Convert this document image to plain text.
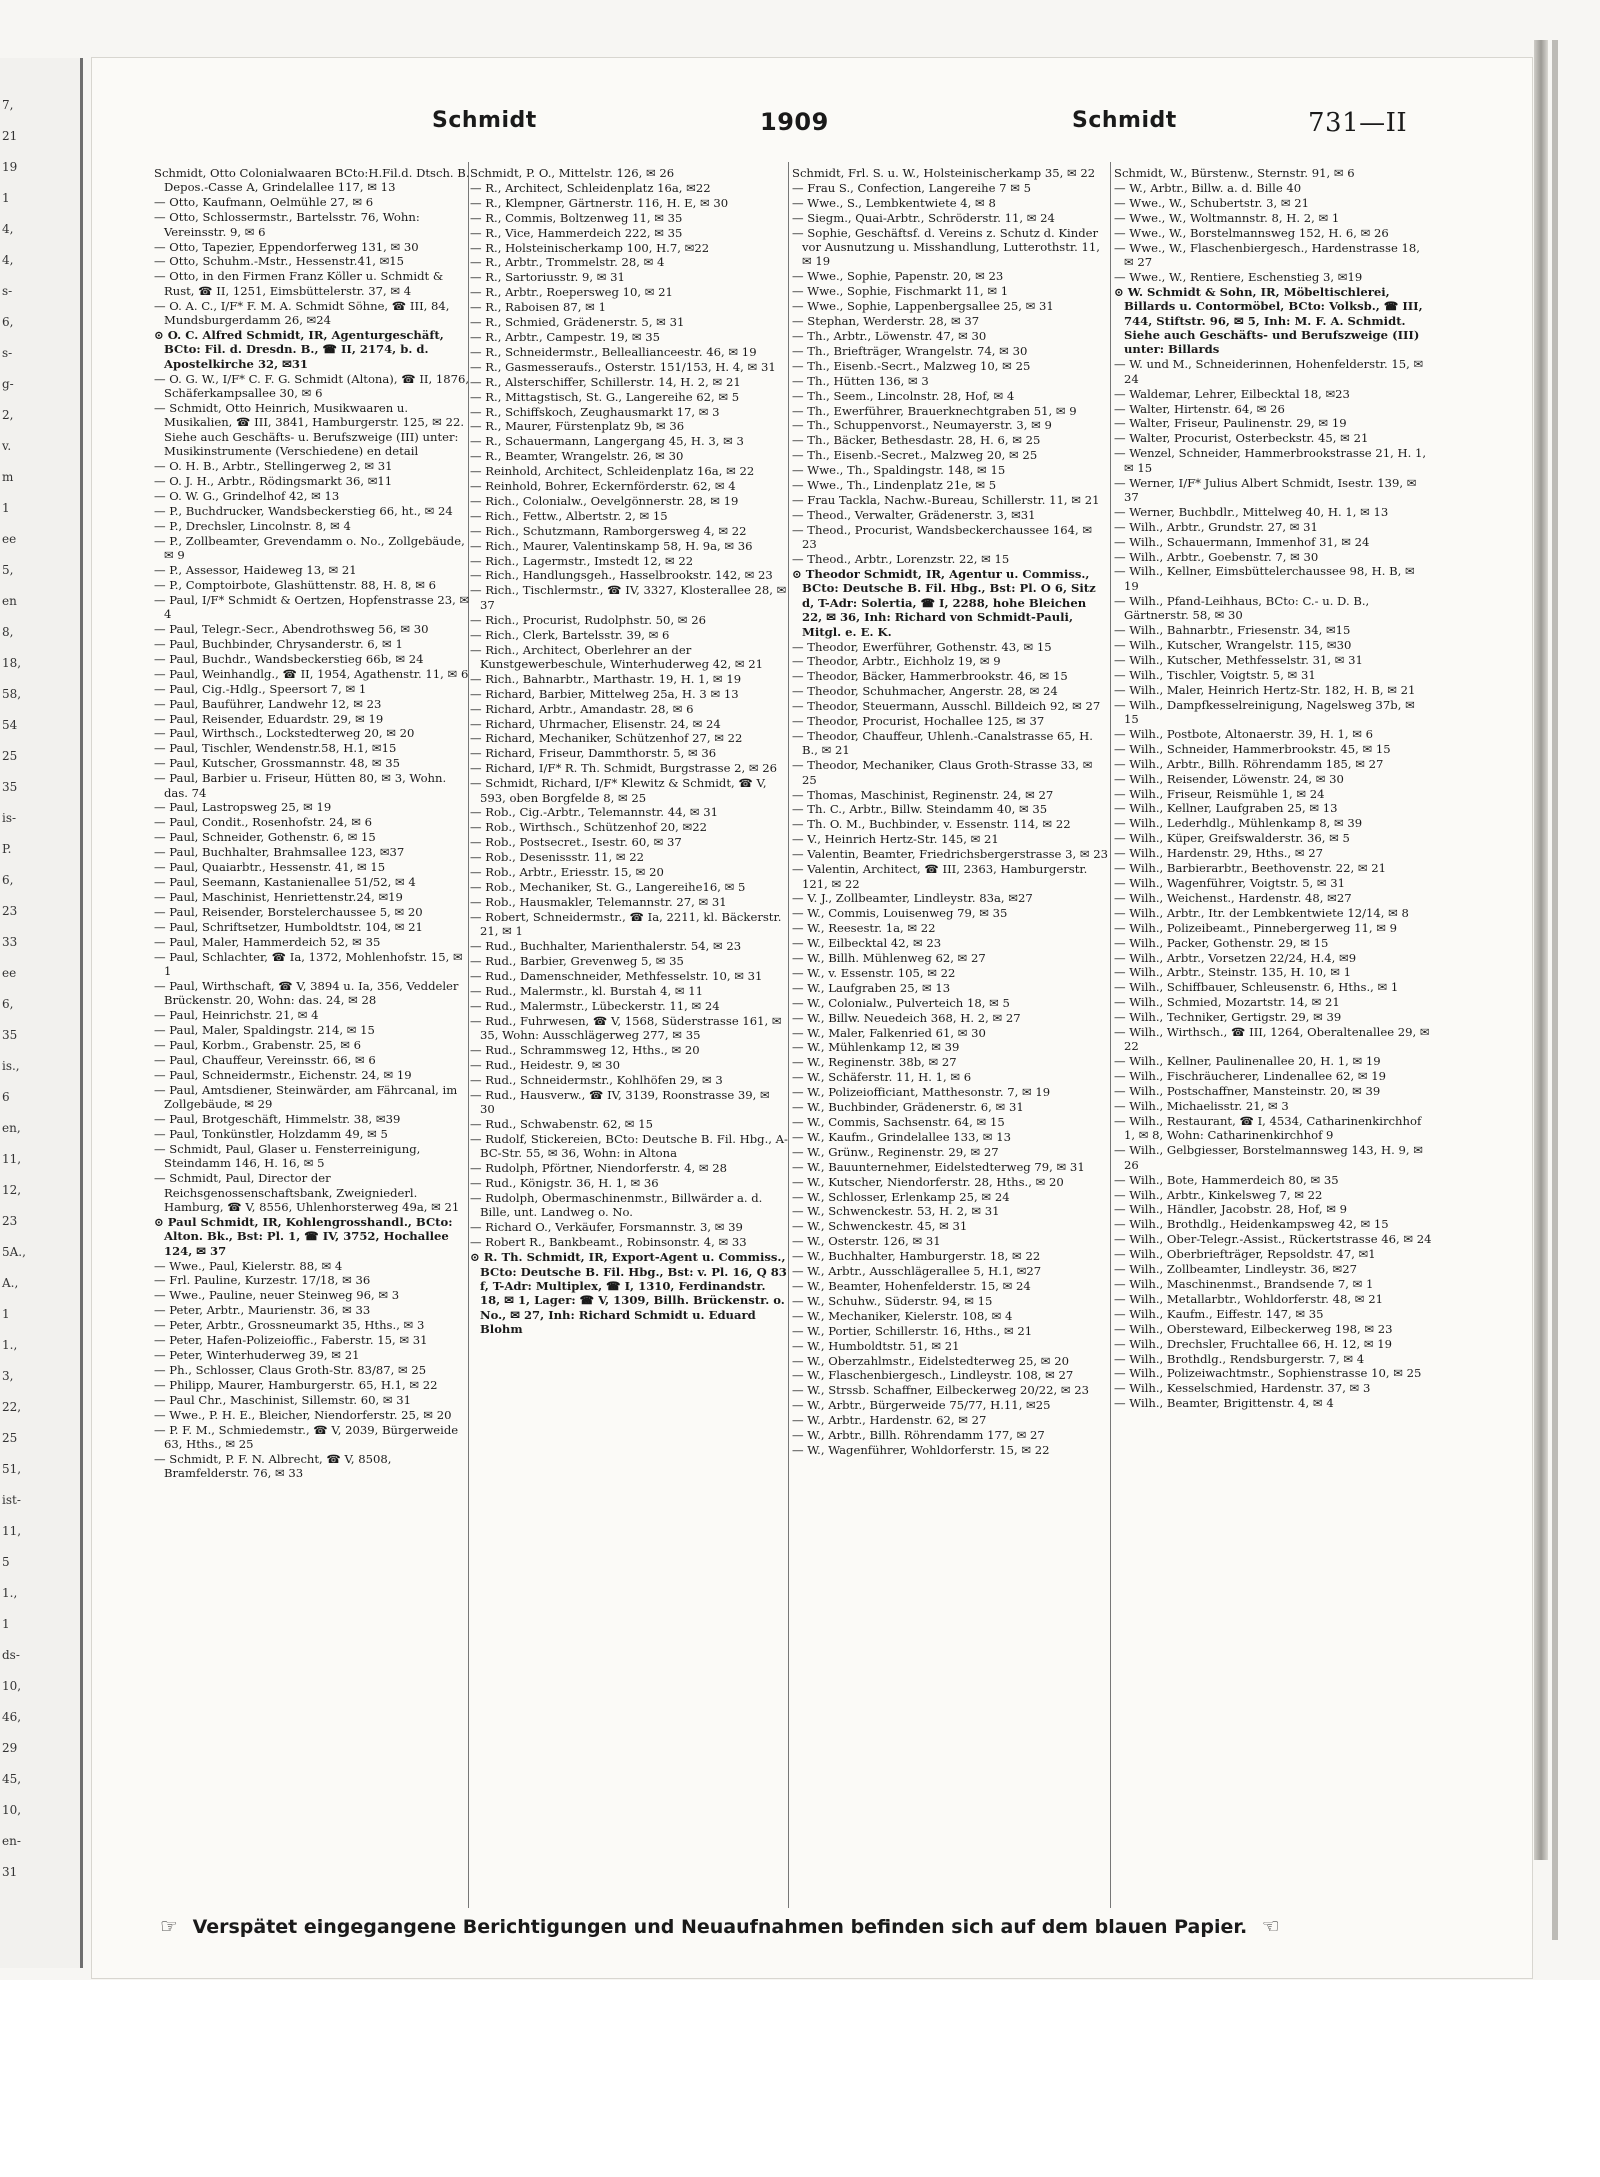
7,
21
19
1
4,
4,
s-
6,
s-
g-
2,
v.
m
1
ee
5,
en
8,
18,
58,
54
25
35
is-
P.
6,
23
33
ee
6,
35
is.,
6
en,
11,
12,
23
5A.,
A.,
1
1.,
3,
22,
25
51,
ist-
11,
5
1.,
1
ds-
10,
46,
29
45,
10,
en-
31
Schmidt	1909	Schmidt	731—II
Schmidt, Otto Colonialwaaren BCto:H.Fil.d. Dtsch. B. Depos.-Casse A, Grindelallee 117, ✉ 13
— Otto, Kaufmann, Oelmühle 27, ✉ 6
— Otto, Schlossermstr., Bartelsstr. 76, Wohn: Vereinsstr. 9, ✉ 6
— Otto, Tapezier, Eppendorferweg 131, ✉ 30
— Otto, Schuhm.-Mstr., Hessenstr.41, ✉15
— Otto, in den Firmen Franz Köller u. Schmidt & Rust, ☎ II, 1251, Eimsbüttelerstr. 37, ✉ 4
— O. A. C., I/F* F. M. A. Schmidt Söhne, ☎ III, 84, Mundsburgerdamm 26, ✉24
⊙ O. C. Alfred Schmidt, IR, Agenturgeschäft, BCto: Fil. d. Dresdn. B., ☎ II, 2174, b. d. Apostelkirche 32, ✉31
— O. G. W., I/F* C. F. G. Schmidt (Altona), ☎ II, 1876, Schäferkampsallee 30, ✉ 6
— Schmidt, Otto Heinrich, Musikwaaren u. Musikalien, ☎ III, 3841, Hamburgerstr. 125, ✉ 22. Siehe auch Geschäfts- u. Berufszweige (III) unter: Musikinstrumente (Verschiedene) en detail
— O. H. B., Arbtr., Stellingerweg 2, ✉ 31
— O. J. H., Arbtr., Rödingsmarkt 36, ✉11
— O. W. G., Grindelhof 42, ✉ 13
— P., Buchdrucker, Wandsbeckerstieg 66, ht., ✉ 24
— P., Drechsler, Lincolnstr. 8, ✉ 4
— P., Zollbeamter, Grevendamm o. No., Zollgebäude, ✉ 9
— P., Assessor, Haideweg 13, ✉ 21
— P., Comptoirbote, Glashüttenstr. 88, H. 8, ✉ 6
— Paul, I/F* Schmidt & Oertzen, Hopfenstrasse 23, ✉ 4
— Paul, Telegr.-Secr., Abendrothsweg 56, ✉ 30
— Paul, Buchbinder, Chrysanderstr. 6, ✉ 1
— Paul, Buchdr., Wandsbeckerstieg 66b, ✉ 24
— Paul, Weinhandlg., ☎ II, 1954, Agathenstr. 11, ✉ 6
— Paul, Cig.-Hdlg., Speersort 7, ✉ 1
— Paul, Bauführer, Landwehr 12, ✉ 23
— Paul, Reisender, Eduardstr. 29, ✉ 19
— Paul, Wirthsch., Lockstedterweg 20, ✉ 20
— Paul, Tischler, Wendenstr.58, H.1, ✉15
— Paul, Kutscher, Grossmannstr. 48, ✉ 35
— Paul, Barbier u. Friseur, Hütten 80, ✉ 3, Wohn. das. 74
— Paul, Lastropsweg 25, ✉ 19
— Paul, Condit., Rosenhofstr. 24, ✉ 6
— Paul, Schneider, Gothenstr. 6, ✉ 15
— Paul, Buchhalter, Brahmsallee 123, ✉37
— Paul, Quaiarbtr., Hessenstr. 41, ✉ 15
— Paul, Seemann, Kastanienallee 51/52, ✉ 4
— Paul, Maschinist, Henriettenstr.24, ✉19
— Paul, Reisender, Borstelerchaussee 5, ✉ 20
— Paul, Schriftsetzer, Humboldtstr. 104, ✉ 21
— Paul, Maler, Hammerdeich 52, ✉ 35
— Paul, Schlachter, ☎ Ia, 1372, Mohlenhofstr. 15, ✉ 1
— Paul, Wirthschaft, ☎ V, 3894 u. Ia, 356, Veddeler Brückenstr. 20, Wohn: das. 24, ✉ 28
— Paul, Heinrichstr. 21, ✉ 4
— Paul, Maler, Spaldingstr. 214, ✉ 15
— Paul, Korbm., Grabenstr. 25, ✉ 6
— Paul, Chauffeur, Vereinsstr. 66, ✉ 6
— Paul, Schneidermstr., Eichenstr. 24, ✉ 19
— Paul, Amtsdiener, Steinwärder, am Fährcanal, im Zollgebäude, ✉ 29
— Paul, Brotgeschäft, Himmelstr. 38, ✉39
— Paul, Tonkünstler, Holzdamm 49, ✉ 5
— Schmidt, Paul, Glaser u. Fensterreinigung, Steindamm 146, H. 16, ✉ 5
— Schmidt, Paul, Director der Reichsgenossenschaftsbank, Zweigniederl. Hamburg, ☎ V, 8556, Uhlenhorsterweg 49a, ✉ 21
⊙ Paul Schmidt, IR, Kohlengrosshandl., BCto: Alton. Bk., Bst: Pl. 1, ☎ IV, 3752, Hochallee 124, ✉ 37
— Wwe., Paul, Kielerstr. 88, ✉ 4
— Frl. Pauline, Kurzestr. 17/18, ✉ 36
— Wwe., Pauline, neuer Steinweg 96, ✉ 3
— Peter, Arbtr., Maurienstr. 36, ✉ 33
— Peter, Arbtr., Grossneumarkt 35, Hths., ✉ 3
— Peter, Hafen-Polizeioffic., Faberstr. 15, ✉ 31
— Peter, Winterhuderweg 39, ✉ 21
— Ph., Schlosser, Claus Groth-Str. 83/87, ✉ 25
— Philipp, Maurer, Hamburgerstr. 65, H.1, ✉ 22
— Paul Chr., Maschinist, Sillemstr. 60, ✉ 31
— Wwe., P. H. E., Bleicher, Niendorferstr. 25, ✉ 20
— P. F. M., Schmiedemstr., ☎ V, 2039, Bürgerweide 63, Hths., ✉ 25
— Schmidt, P. F. N. Albrecht, ☎ V, 8508, Bramfelderstr. 76, ✉ 33
Schmidt, P. O., Mittelstr. 126, ✉ 26
— R., Architect, Schleidenplatz 16a, ✉22
— R., Klempner, Gärtnerstr. 116, H. E, ✉ 30
— R., Commis, Boltzenweg 11, ✉ 35
— R., Vice, Hammerdeich 222, ✉ 35
— R., Holsteinischerkamp 100, H.7, ✉22
— R., Arbtr., Trommelstr. 28, ✉ 4
— R., Sartoriusstr. 9, ✉ 31
— R., Arbtr., Roepersweg 10, ✉ 21
— R., Raboisen 87, ✉ 1
— R., Schmied, Grädenerstr. 5, ✉ 31
— R., Arbtr., Campestr. 19, ✉ 35
— R., Schneidermstr., Belleallianceestr. 46, ✉ 19
— R., Gasmesseraufs., Osterstr. 151/153, H. 4, ✉ 31
— R., Alsterschiffer, Schillerstr. 14, H. 2, ✉ 21
— R., Mittagstisch, St. G., Langereihe 62, ✉ 5
— R., Schiffskoch, Zeughausmarkt 17, ✉ 3
— R., Maurer, Fürstenplatz 9b, ✉ 36
— R., Schauermann, Langergang 45, H. 3, ✉ 3
— R., Beamter, Wrangelstr. 26, ✉ 30
— Reinhold, Architect, Schleidenplatz 16a, ✉ 22
— Reinhold, Bohrer, Eckernförderstr. 62, ✉ 4
— Rich., Colonialw., Oevelgönnerstr. 28, ✉ 19
— Rich., Fettw., Albertstr. 2, ✉ 15
— Rich., Schutzmann, Ramborgersweg 4, ✉ 22
— Rich., Maurer, Valentinskamp 58, H. 9a, ✉ 36
— Rich., Lagermstr., Imstedt 12, ✉ 22
— Rich., Handlungsgeh., Hasselbrookstr. 142, ✉ 23
— Rich., Tischlermstr., ☎ IV, 3327, Klosterallee 28, ✉ 37
— Rich., Procurist, Rudolphstr. 50, ✉ 26
— Rich., Clerk, Bartelsstr. 39, ✉ 6
— Rich., Architect, Oberlehrer an der Kunstgewerbeschule, Winterhuderweg 42, ✉ 21
— Rich., Bahnarbtr., Marthastr. 19, H. 1, ✉ 19
— Richard, Barbier, Mittelweg 25a, H. 3 ✉ 13
— Richard, Arbtr., Amandastr. 28, ✉ 6
— Richard, Uhrmacher, Elisenstr. 24, ✉ 24
— Richard, Mechaniker, Schützenhof 27, ✉ 22
— Richard, Friseur, Dammthorstr. 5, ✉ 36
— Richard, I/F* R. Th. Schmidt, Burgstrasse 2, ✉ 26
— Schmidt, Richard, I/F* Klewitz & Schmidt, ☎ V, 593, oben Borgfelde 8, ✉ 25
— Rob., Cig.-Arbtr., Telemannstr. 44, ✉ 31
— Rob., Wirthsch., Schützenhof 20, ✉22
— Rob., Postsecret., Isestr. 60, ✉ 37
— Rob., Desenissstr. 11, ✉ 22
— Rob., Arbtr., Eriesstr. 15, ✉ 20
— Rob., Mechaniker, St. G., Langereihe16, ✉ 5
— Rob., Hausmakler, Telemannstr. 27, ✉ 31
— Robert, Schneidermstr., ☎ Ia, 2211, kl. Bäckerstr. 21, ✉ 1
— Rud., Buchhalter, Marienthalerstr. 54, ✉ 23
— Rud., Barbier, Grevenweg 5, ✉ 35
— Rud., Damenschneider, Methfesselstr. 10, ✉ 31
— Rud., Malermstr., kl. Burstah 4, ✉ 11
— Rud., Malermstr., Lübeckerstr. 11, ✉ 24
— Rud., Fuhrwesen, ☎ V, 1568, Süderstrasse 161, ✉ 35, Wohn: Ausschlägerweg 277, ✉ 35
— Rud., Schrammsweg 12, Hths., ✉ 20
— Rud., Heidestr. 9, ✉ 30
— Rud., Schneidermstr., Kohlhöfen 29, ✉ 3
— Rud., Hausverw., ☎ IV, 3139, Roonstrasse 39, ✉ 30
— Rud., Schwabenstr. 62, ✉ 15
— Rudolf, Stickereien, BCto: Deutsche B. Fil. Hbg., A-BC-Str. 55, ✉ 36, Wohn: in Altona
— Rudolph, Pförtner, Niendorferstr. 4, ✉ 28
— Rud., Königstr. 36, H. 1, ✉ 36
— Rudolph, Obermaschinenmstr., Billwärder a. d. Bille, unt. Landweg o. No.
— Richard O., Verkäufer, Forsmannstr. 3, ✉ 39
— Robert R., Bankbeamt., Robinsonstr. 4, ✉ 33
⊙ R. Th. Schmidt, IR, Export-Agent u. Commiss., BCto: Deutsche B. Fil. Hbg., Bst: v. Pl. 16, Q 83 f, T-Adr: Multiplex, ☎ I, 1310, Ferdinandstr. 18, ✉ 1, Lager: ☎ V, 1309, Billh. Brückenstr. o. No., ✉ 27, Inh: Richard Schmidt u. Eduard Blohm
Schmidt, Frl. S. u. W., Holsteinischerkamp 35, ✉ 22
— Frau S., Confection, Langereihe 7 ✉ 5
— Wwe., S., Lembkentwiete 4, ✉ 8
— Siegm., Quai-Arbtr., Schröderstr. 11, ✉ 24
— Sophie, Geschäftsf. d. Vereins z. Schutz d. Kinder vor Ausnutzung u. Misshandlung, Lutterothstr. 11, ✉ 19
— Wwe., Sophie, Papenstr. 20, ✉ 23
— Wwe., Sophie, Fischmarkt 11, ✉ 1
— Wwe., Sophie, Lappenbergsallee 25, ✉ 31
— Stephan, Werderstr. 28, ✉ 37
— Th., Arbtr., Löwenstr. 47, ✉ 30
— Th., Briefträger, Wrangelstr. 74, ✉ 30
— Th., Eisenb.-Secrt., Malzweg 10, ✉ 25
— Th., Hütten 136, ✉ 3
— Th., Seem., Lincolnstr. 28, Hof, ✉ 4
— Th., Ewerführer, Brauerknechtgraben 51, ✉ 9
— Th., Schuppenvorst., Neumayerstr. 3, ✉ 9
— Th., Bäcker, Bethesdastr. 28, H. 6, ✉ 25
— Th., Eisenb.-Secret., Malzweg 20, ✉ 25
— Wwe., Th., Spaldingstr. 148, ✉ 15
— Wwe., Th., Lindenplatz 21e, ✉ 5
— Frau Tackla, Nachw.-Bureau, Schillerstr. 11, ✉ 21
— Theod., Verwalter, Grädenerstr. 3, ✉31
— Theod., Procurist, Wandsbeckerchaussee 164, ✉ 23
— Theod., Arbtr., Lorenzstr. 22, ✉ 15
⊙ Theodor Schmidt, IR, Agentur u. Commiss., BCto: Deutsche B. Fil. Hbg., Bst: Pl. O 6, Sitz d, T-Adr: Solertia, ☎ I, 2288, hohe Bleichen 22, ✉ 36, Inh: Richard von Schmidt-Pauli, Mitgl. e. E. K.
— Theodor, Ewerführer, Gothenstr. 43, ✉ 15
— Theodor, Arbtr., Eichholz 19, ✉ 9
— Theodor, Bäcker, Hammerbrookstr. 46, ✉ 15
— Theodor, Schuhmacher, Angerstr. 28, ✉ 24
— Theodor, Steuermann, Ausschl. Billdeich 92, ✉ 27
— Theodor, Procurist, Hochallee 125, ✉ 37
— Theodor, Chauffeur, Uhlenh.-Canalstrasse 65, H. B., ✉ 21
— Theodor, Mechaniker, Claus Groth-Strasse 33, ✉ 25
— Thomas, Maschinist, Reginenstr. 24, ✉ 27
— Th. C., Arbtr., Billw. Steindamm 40, ✉ 35
— Th. O. M., Buchbinder, v. Essenstr. 114, ✉ 22
— V., Heinrich Hertz-Str. 145, ✉ 21
— Valentin, Beamter, Friedrichsbergerstrasse 3, ✉ 23
— Valentin, Architect, ☎ III, 2363, Hamburgerstr. 121, ✉ 22
— V. J., Zollbeamter, Lindleystr. 83a, ✉27
— W., Commis, Louisenweg 79, ✉ 35
— W., Reesestr. 1a, ✉ 22
— W., Eilbecktal 42, ✉ 23
— W., Billh. Mühlenweg 62, ✉ 27
— W., v. Essenstr. 105, ✉ 22
— W., Laufgraben 25, ✉ 13
— W., Colonialw., Pulverteich 18, ✉ 5
— W., Billw. Neuedeich 368, H. 2, ✉ 27
— W., Maler, Falkenried 61, ✉ 30
— W., Mühlenkamp 12, ✉ 39
— W., Reginenstr. 38b, ✉ 27
— W., Schäferstr. 11, H. 1, ✉ 6
— W., Polizeiofficiant, Matthesonstr. 7, ✉ 19
— W., Buchbinder, Grädenerstr. 6, ✉ 31
— W., Commis, Sachsenstr. 64, ✉ 15
— W., Kaufm., Grindelallee 133, ✉ 13
— W., Grünw., Reginenstr. 29, ✉ 27
— W., Bauunternehmer, Eidelstedterweg 79, ✉ 31
— W., Kutscher, Niendorferstr. 28, Hths., ✉ 20
— W., Schlosser, Erlenkamp 25, ✉ 24
— W., Schwenckestr. 53, H. 2, ✉ 31
— W., Schwenckestr. 45, ✉ 31
— W., Osterstr. 126, ✉ 31
— W., Buchhalter, Hamburgerstr. 18, ✉ 22
— W., Arbtr., Ausschlägerallee 5, H.1, ✉27
— W., Beamter, Hohenfelderstr. 15, ✉ 24
— W., Schuhw., Süderstr. 94, ✉ 15
— W., Mechaniker, Kielerstr. 108, ✉ 4
— W., Portier, Schillerstr. 16, Hths., ✉ 21
— W., Humboldtstr. 51, ✉ 21
— W., Oberzahlmstr., Eidelstedterweg 25, ✉ 20
— W., Flaschenbiergesch., Lindleystr. 108, ✉ 27
— W., Strssb. Schaffner, Eilbeckerweg 20/22, ✉ 23
— W., Arbtr., Bürgerweide 75/77, H.11, ✉25
— W., Arbtr., Hardenstr. 62, ✉ 27
— W., Arbtr., Billh. Röhrendamm 177, ✉ 27
— W., Wagenführer, Wohldorferstr. 15, ✉ 22
Schmidt, W., Bürstenw., Sternstr. 91, ✉ 6
— W., Arbtr., Billw. a. d. Bille 40
— Wwe., W., Schubertstr. 3, ✉ 21
— Wwe., W., Woltmannstr. 8, H. 2, ✉ 1
— Wwe., W., Borstelmannsweg 152, H. 6, ✉ 26
— Wwe., W., Flaschenbiergesch., Hardenstrasse 18, ✉ 27
— Wwe., W., Rentiere, Eschenstieg 3, ✉19
⊙ W. Schmidt & Sohn, IR, Möbeltischlerei, Billards u. Contormöbel, BCto: Volksb., ☎ III, 744, Stiftstr. 96, ✉ 5, Inh: M. F. A. Schmidt. Siehe auch Geschäfts- und Berufszweige (III) unter: Billards
— W. und M., Schneiderinnen, Hohenfelderstr. 15, ✉ 24
— Waldemar, Lehrer, Eilbecktal 18, ✉23
— Walter, Hirtenstr. 64, ✉ 26
— Walter, Friseur, Paulinenstr. 29, ✉ 19
— Walter, Procurist, Osterbeckstr. 45, ✉ 21
— Wenzel, Schneider, Hammerbrookstrasse 21, H. 1, ✉ 15
— Werner, I/F* Julius Albert Schmidt, Isestr. 139, ✉ 37
— Werner, Buchbdlr., Mittelweg 40, H. 1, ✉ 13
— Wilh., Arbtr., Grundstr. 27, ✉ 31
— Wilh., Schauermann, Immenhof 31, ✉ 24
— Wilh., Arbtr., Goebenstr. 7, ✉ 30
— Wilh., Kellner, Eimsbüttelerchaussee 98, H. B, ✉ 19
— Wilh., Pfand-Leihhaus, BCto: C.- u. D. B., Gärtnerstr. 58, ✉ 30
— Wilh., Bahnarbtr., Friesenstr. 34, ✉15
— Wilh., Kutscher, Wrangelstr. 115, ✉30
— Wilh., Kutscher, Methfesselstr. 31, ✉ 31
— Wilh., Tischler, Voigtstr. 5, ✉ 31
— Wilh., Maler, Heinrich Hertz-Str. 182, H. B, ✉ 21
— Wilh., Dampfkesselreinigung, Nagelsweg 37b, ✉ 15
— Wilh., Postbote, Altonaerstr. 39, H. 1, ✉ 6
— Wilh., Schneider, Hammerbrookstr. 45, ✉ 15
— Wilh., Arbtr., Billh. Röhrendamm 185, ✉ 27
— Wilh., Reisender, Löwenstr. 24, ✉ 30
— Wilh., Friseur, Reismühle 1, ✉ 24
— Wilh., Kellner, Laufgraben 25, ✉ 13
— Wilh., Lederhdlg., Mühlenkamp 8, ✉ 39
— Wilh., Küper, Greifswalderstr. 36, ✉ 5
— Wilh., Hardenstr. 29, Hths., ✉ 27
— Wilh., Barbierarbtr., Beethovenstr. 22, ✉ 21
— Wilh., Wagenführer, Voigtstr. 5, ✉ 31
— Wilh., Weichenst., Hardenstr. 48, ✉27
— Wilh., Arbtr., Itr. der Lembkentwiete 12/14, ✉ 8
— Wilh., Polizeibeamt., Pinnebergerweg 11, ✉ 9
— Wilh., Packer, Gothenstr. 29, ✉ 15
— Wilh., Arbtr., Vorsetzen 22/24, H.4, ✉9
— Wilh., Arbtr., Steinstr. 135, H. 10, ✉ 1
— Wilh., Schiffbauer, Schleusenstr. 6, Hths., ✉ 1
— Wilh., Schmied, Mozartstr. 14, ✉ 21
— Wilh., Techniker, Gertigstr. 29, ✉ 39
— Wilh., Wirthsch., ☎ III, 1264, Oberaltenallee 29, ✉ 22
— Wilh., Kellner, Paulinenallee 20, H. 1, ✉ 19
— Wilh., Fischräucherer, Lindenallee 62, ✉ 19
— Wilh., Postschaffner, Mansteinstr. 20, ✉ 39
— Wilh., Michaelisstr. 21, ✉ 3
— Wilh., Restaurant, ☎ I, 4534, Catharinenkirchhof 1, ✉ 8, Wohn: Catharinenkirchhof 9
— Wilh., Gelbgiesser, Borstelmannsweg 143, H. 9, ✉ 26
— Wilh., Bote, Hammerdeich 80, ✉ 35
— Wilh., Arbtr., Kinkelsweg 7, ✉ 22
— Wilh., Händler, Jacobstr. 28, Hof, ✉ 9
— Wilh., Brothdlg., Heidenkampsweg 42, ✉ 15
— Wilh., Ober-Telegr.-Assist., Rückertstrasse 46, ✉ 24
— Wilh., Oberbriefträger, Repsoldstr. 47, ✉1
— Wilh., Zollbeamter, Lindleystr. 36, ✉27
— Wilh., Maschinenmst., Brandsende 7, ✉ 1
— Wilh., Metallarbtr., Wohldorferstr. 48, ✉ 21
— Wilh., Kaufm., Eiffestr. 147, ✉ 35
— Wilh., Obersteward, Eilbeckerweg 198, ✉ 23
— Wilh., Drechsler, Fruchtallee 66, H. 12, ✉ 19
— Wilh., Brothdlg., Rendsburgerstr. 7, ✉ 4
— Wilh., Polizeiwachtmstr., Sophienstrasse 10, ✉ 25
— Wilh., Kesselschmied, Hardenstr. 37, ✉ 3
— Wilh., Beamter, Brigittenstr. 4, ✉ 4
☞ Verspätet eingegangene Berichtigungen und Neuaufnahmen befinden sich auf dem blauen Papier. ☜
